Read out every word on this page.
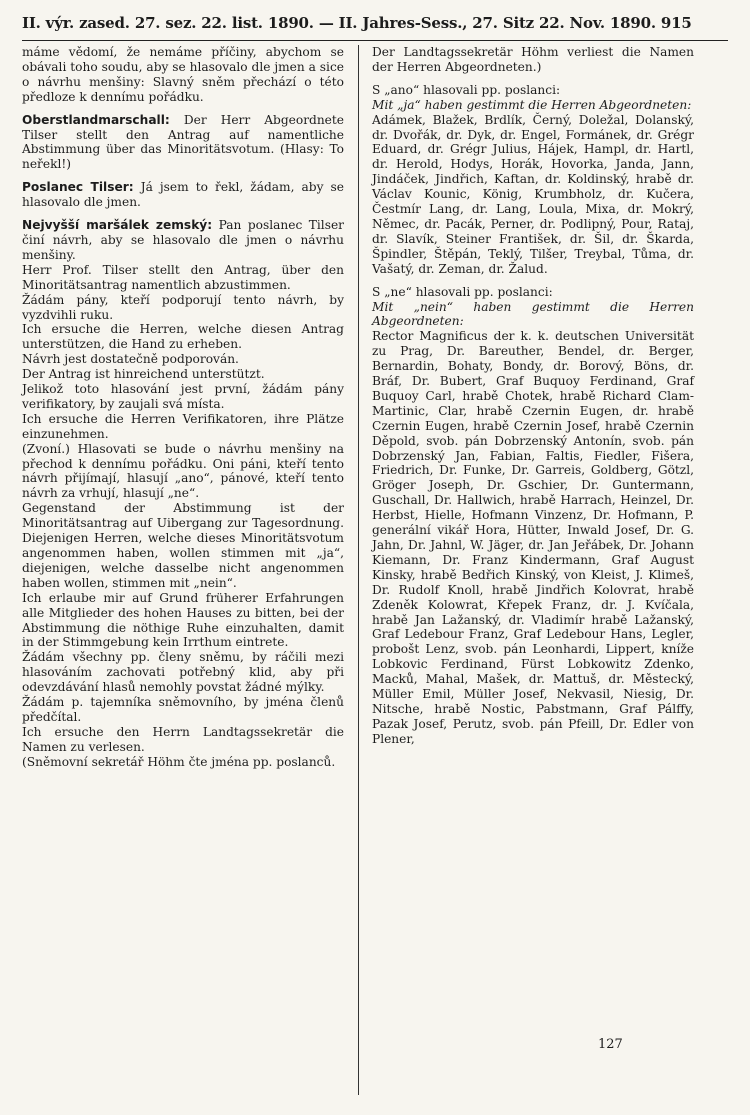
II. výr. zased. 27. sez. 22. list. 1890. — II. Jahres-Sess., 27. Sitz 22. Nov. 1890. 915

máme vědomí, že nemáme příčiny, abychom se obávali toho soudu, aby se hlasovalo dle jmen a sice o návrhu menšiny: Slavný sněm přechází o této předloze k dennímu pořádku.

Oberstlandmarschall: Der Herr Abgeordnete Tilser stellt den Antrag auf namentliche Abstimmung über das Minoritätsvotum. (Hlasy: To neřekl!)

Poslanec Tilser: Já jsem to řekl, žádam, aby se hlasovalo dle jmen.

Nejvyšší maršálek zemský: Pan poslanec Tilser činí návrh, aby se hlasovalo dle jmen o návrhu menšiny.

Herr Prof. Tilser stellt den Antrag, über den Minoritätsantrag namentlich abzustimmen.

Žádám pány, kteří podporují tento návrh, by vyzdvihli ruku.

Ich ersuche die Herren, welche diesen Antrag unterstützen, die Hand zu erheben.

Návrh jest dostatečně podporován.

Der Antrag ist hinreichend unterstützt.

Jelikož toto hlasování jest první, žádám pány verifikatory, by zaujali svá místa.

Ich ersuche die Herren Verifikatoren, ihre Plätze einzunehmen.

(Zvoní.) Hlasovati se bude o návrhu menšiny na přechod k dennímu pořádku. Oni páni, kteří tento návrh přijímají, hlasují „ano“, pánové, kteří tento návrh za vrhují, hlasují „ne“.

Gegenstand der Abstimmung ist der Minoritätsantrag auf Uibergang zur Tagesordnung. Diejenigen Herren, welche dieses Minoritätsvotum angenommen haben, wollen stimmen mit „ja“, diejenigen, welche dasselbe nicht angenommen haben wollen, stimmen mit „nein“.

Ich erlaube mir auf Grund früherer Erfahrungen alle Mitglieder des hohen Hauses zu bitten, bei der Abstimmung die nöthige Ruhe einzuhalten, damit in der Stimmgebung kein Irrthum eintrete.

Žádám všechny pp. členy sněmu, by ráčili mezi hlasováním zachovati potřebný klid, aby při odevzdávání hlasů nemohly povstat žádné mýlky.

Žádám p. tajemníka sněmovního, by jména členů předčítal.

Ich ersuche den Herrn Landtagssekretär die Namen zu verlesen.

(Sněmovní sekretář Höhm čte jména pp. poslanců.

Der Landtagssekretär Höhm verliest die Namen der Herren Abgeordneten.)

S „ano“ hlasovali pp. poslanci:

Mit „ja“ haben gestimmt die Herren Abgeordneten:

Adámek, Blažek, Brdlík, Černý, Doležal, Dolanský, dr. Dvořák, dr. Dyk, dr. Engel, Formánek, dr. Grégr Eduard, dr. Grégr Julius, Hájek, Hampl, dr. Hartl, dr. Herold, Hodys, Horák, Hovorka, Janda, Jann, Jindáček, Jindřich, Kaftan, dr. Koldinský, hrabě dr. Václav Kounic, König, Krumbholz, dr. Kučera, Čestmír Lang, dr. Lang, Loula, Mixa, dr. Mokrý, Němec, dr. Pacák, Perner, dr. Podlipný, Pour, Rataj, dr. Slavík, Steiner František, dr. Šil, dr. Škarda, Špindler, Štěpán, Teklý, Tilšer, Treybal, Tůma, dr. Vašatý, dr. Zeman, dr. Žalud.

S „ne“ hlasovali pp. poslanci:

Mit „nein“ haben gestimmt die Herren Abgeordneten:

Rector Magnificus der k. k. deutschen Universität zu Prag, Dr. Bareuther, Bendel, dr. Berger, Bernardin, Bohaty, Bondy, dr. Borový, Böns, dr. Bráf, Dr. Bubert, Graf Buquoy Ferdinand, Graf Buquoy Carl, hrabě Chotek, hrabě Richard Clam-Martinic, Clar, hrabě Czernin Eugen, dr. hrabě Czernin Eugen, hrabě Czernin Josef, hrabě Czernin Děpold, svob. pán Dobrzenský Antonín, svob. pán Dobrzenský Jan, Fabian, Faltis, Fiedler, Fišera, Friedrich, Dr. Funke, Dr. Garreis, Goldberg, Götzl, Gröger Joseph, Dr. Gschier, Dr. Guntermann, Guschall, Dr. Hallwich, hrabě Harrach, Heinzel, Dr. Herbst, Hielle, Hofmann Vinzenz, Dr. Hofmann, P. generální vikář Hora, Hütter, Inwald Josef, Dr. G. Jahn, Dr. Jahnl, W. Jäger, dr. Jan Jeřábek, Dr. Johann Kiemann, Dr. Franz Kindermann, Graf August Kinsky, hrabě Bedřich Kinský, von Kleist, J. Klimeš, Dr. Rudolf Knoll, hrabě Jindřich Kolovrat, hrabě Zdeněk Kolowrat, Křepek Franz, dr. J. Kvíčala, hrabě Jan Lažanský, dr. Vladimír hrabě Lažanský, Graf Ledebour Franz, Graf Ledebour Hans, Legler, probošt Lenz, svob. pán Leonhardi, Lippert, kníže Lobkovic Ferdinand, Fürst Lobkowitz Zdenko, Macků, Mahal, Mašek, dr. Mattuš, dr. Městecký, Müller Emil, Müller Josef, Nekvasil, Niesig, Dr. Nitsche, hrabě Nostic, Pabstmann, Graf Pálffy, Pazak Josef, Perutz, svob. pán Pfeill, Dr. Edler von Plener,

127
